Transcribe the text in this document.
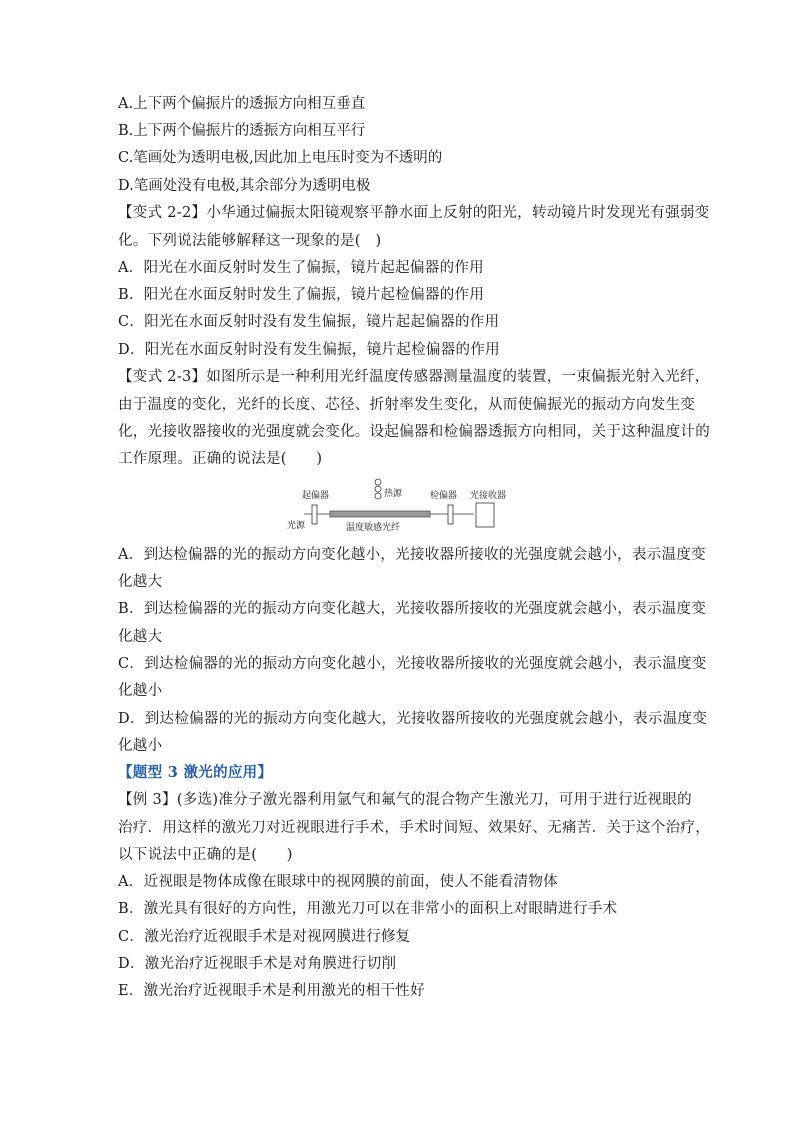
A.上下两个偏振片的透振方向相互垂直
B.上下两个偏振片的透振方向相互平行
C.笔画处为透明电极,因此加上电压时变为不透明的
D.笔画处没有电极,其余部分为透明电极
【变式 2-2】小华通过偏振太阳镜观察平静水面上反射的阳光，转动镜片时发现光有强弱变
化。下列说法能够解释这一现象的是(　)
A．阳光在水面反射时发生了偏振，镜片起起偏器的作用
B．阳光在水面反射时发生了偏振，镜片起检偏器的作用
C．阳光在水面反射时没有发生偏振，镜片起起偏器的作用
D．阳光在水面反射时没有发生偏振，镜片起检偏器的作用
【变式 2-3】如图所示是一种利用光纤温度传感器测量温度的装置，一束偏振光射入光纤，
由于温度的变化，光纤的长度、芯径、折射率发生变化，从而使偏振光的振动方向发生变
化，光接收器接收的光强度就会变化。设起偏器和检偏器透振方向相同，关于这种温度计的
工作原理。正确的说法是(　　)
起偏器	热源	检偏器 光接收器
光源	温度敏感光纤
A．到达检偏器的光的振动方向变化越小，光接收器所接收的光强度就会越小，表示温度变
化越大
B．到达检偏器的光的振动方向变化越大，光接收器所接收的光强度就会越小，表示温度变
化越大
C．到达检偏器的光的振动方向变化越小，光接收器所接收的光强度就会越小，表示温度变
化越小
D．到达检偏器的光的振动方向变化越大，光接收器所接收的光强度就会越小，表示温度变
化越小
【题型 3 激光的应用】
【例 3】(多选)准分子激光器利用氩气和氟气的混合物产生激光刀，可用于进行近视眼的
治疗．用这样的激光刀对近视眼进行手术，手术时间短、效果好、无痛苦．关于这个治疗，
以下说法中正确的是(　　)
A．近视眼是物体成像在眼球中的视网膜的前面，使人不能看清物体
B．激光具有很好的方向性，用激光刀可以在非常小的面积上对眼睛进行手术
C．激光治疗近视眼手术是对视网膜进行修复
D．激光治疗近视眼手术是对角膜进行切削
E．激光治疗近视眼手术是利用激光的相干性好
